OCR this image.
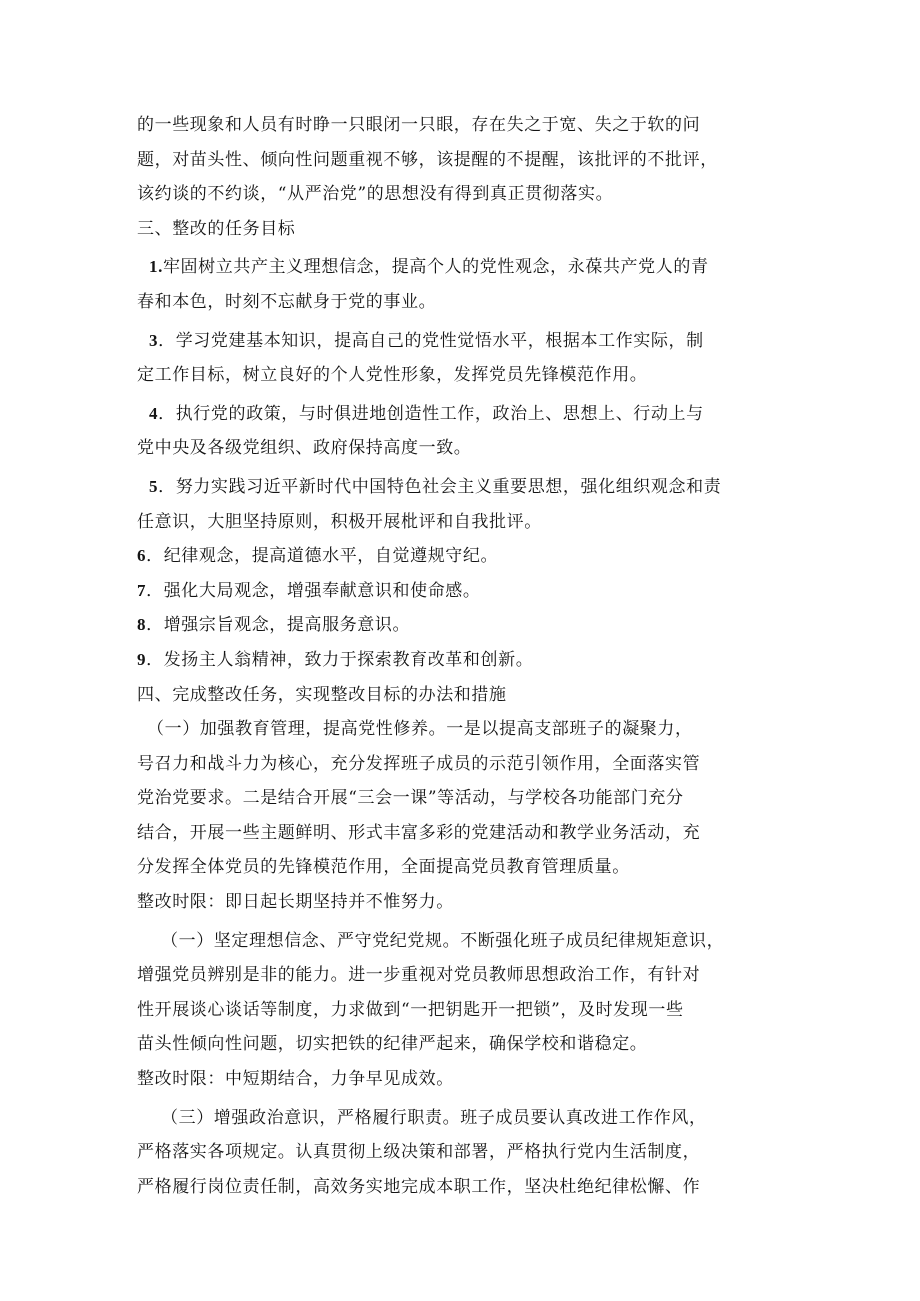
的一些现象和人员有时睁一只眼闭一只眼，存在失之于宽、失之于软的问
题，对苗头性、倾向性问题重视不够，该提醒的不提醒，该批评的不批评，
该约谈的不约谈，“从严治党”的思想没有得到真正贯彻落实。
三、整改的任务目标
1.牢固树立共产主义理想信念，提高个人的党性观念，永葆共产党人的青
春和本色，时刻不忘献身于党的事业。
3．学习党建基本知识，提高自己的党性觉悟水平，根据本工作实际，制
定工作目标，树立良好的个人党性形象，发挥党员先锋模范作用。
4．执行党的政策，与时俱进地创造性工作，政治上、思想上、行动上与
党中央及各级党组织、政府保持高度一致。
5．努力实践习近平新时代中国特色社会主义重要思想，强化组织观念和责
任意识，大胆坚持原则，积极开展枇评和自我批评。
6．纪律观念，提高道德水平，自觉遵规守纪。
7．强化大局观念，增强奉献意识和使命感。
8．增强宗旨观念，提高服务意识。
9．发扬主人翁精神，致力于探索教育改革和创新。
四、完成整改任务，实现整改目标的办法和措施
（一）加强教育管理，提高党性修养。一是以提高支部班子的凝聚力，
号召力和战斗力为核心，充分发挥班子成员的示范引领作用，全面落实管
党治党要求。二是结合开展“三会一课”等活动，与学校各功能部门充分
结合，开展一些主题鲜明、形式丰富多彩的党建活动和教学业务活动，充
分发挥全体党员的先锋模范作用，全面提高党员教育管理质量。
整改时限：即日起长期坚持并不惟努力。
（一）坚定理想信念、严守党纪党规。不断强化班子成员纪律规矩意识，
增强党员辨别是非的能力。进一步重视对党员教师思想政治工作，有针对
性开展谈心谈话等制度，力求做到“一把钥匙开一把锁”，及时发现一些
苗头性倾向性问题，切实把铁的纪律严起来，确保学校和谐稳定。
整改时限：中短期结合，力争早见成效。
（三）增强政治意识，严格履行职责。班子成员要认真改进工作作风，
严格落实各项规定。认真贯彻上级决策和部署，严格执行党内生活制度，
严格履行岗位责任制，高效务实地完成本职工作，坚决杜绝纪律松懈、作
